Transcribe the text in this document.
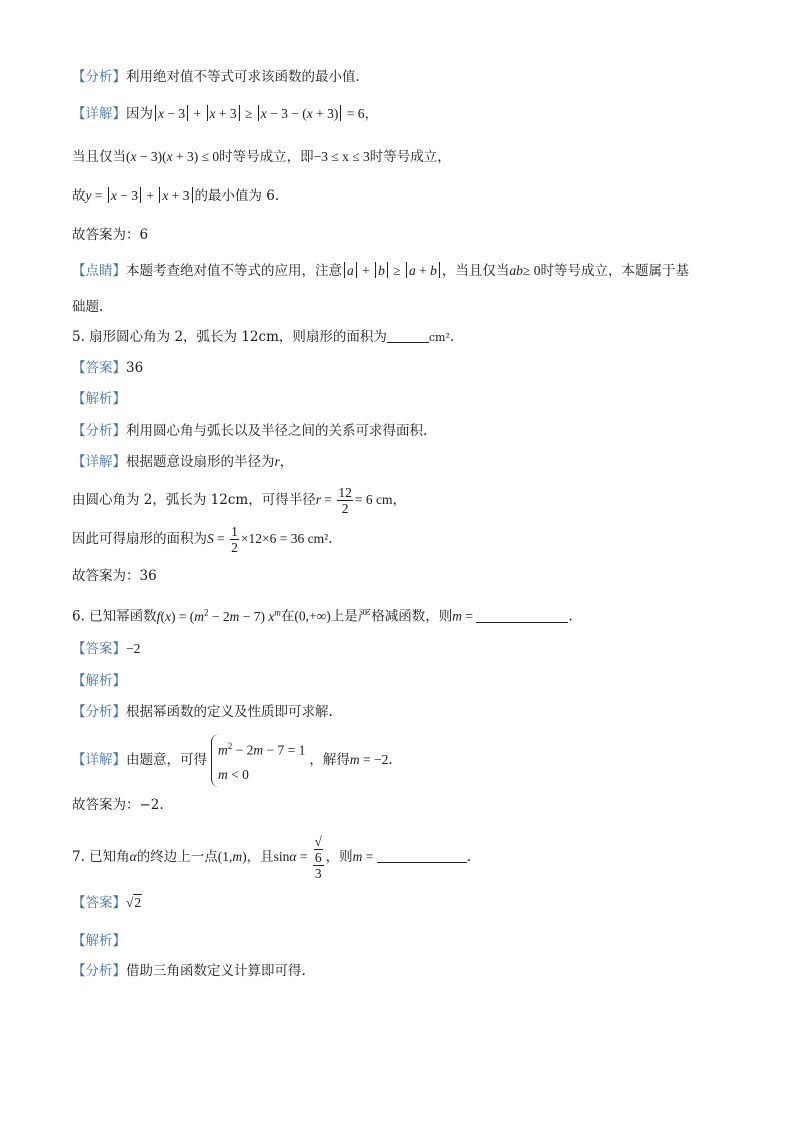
【分析】利用绝对值不等式可求该函数的最小值.
【详解】因为 x − 3 + x + 3 ≥ x − 3 − (x + 3) = 6，
当且仅当(x − 3)(x + 3) ≤ 0时等号成立，即−3 ≤ x ≤ 3时等号成立，
故y = x − 3 + x + 3 的最小值为 6.
故答案为：6
【点睛】本题考查绝对值不等式的应用，注意 a + b ≥ a + b ，当且仅当ab≥ 0时等号成立，本题属于基
础题.
5. 扇形圆心角为 2，弧长为 12cm，则扇形的面积为	cm².
【答案】36
【解析】
【分析】利用圆心角与弧长以及半径之间的关系可求得面积.
【详解】根据题意设扇形的半径为r，
由圆心角为 2，弧长为 12cm，可得半径$r = \frac{12}{2} = 6$ cm，
因此可得扇形的面积为$S = \frac{1}{2} \times 12\times 6 = 36$ cm².
故答案为：36
6. 已知幂函数$f(x) = (m^2 - 2m - 7)$ $x^m$在(0,+∞)上是严格减函数，则m =	.
【答案】−2
【解析】
【分析】根据幂函数的定义及性质即可求解.
【详解】由题意，可得
$m^2 - 2m - 7 = 1$
m < 0
，解得m = −2.
故答案为：−2.
7. 已知角α的终边上一点(1,m)，且sinα = √
6
3 ，则m =	.
【答案】√2
【解析】
【分析】借助三角函数定义计算即可得.
